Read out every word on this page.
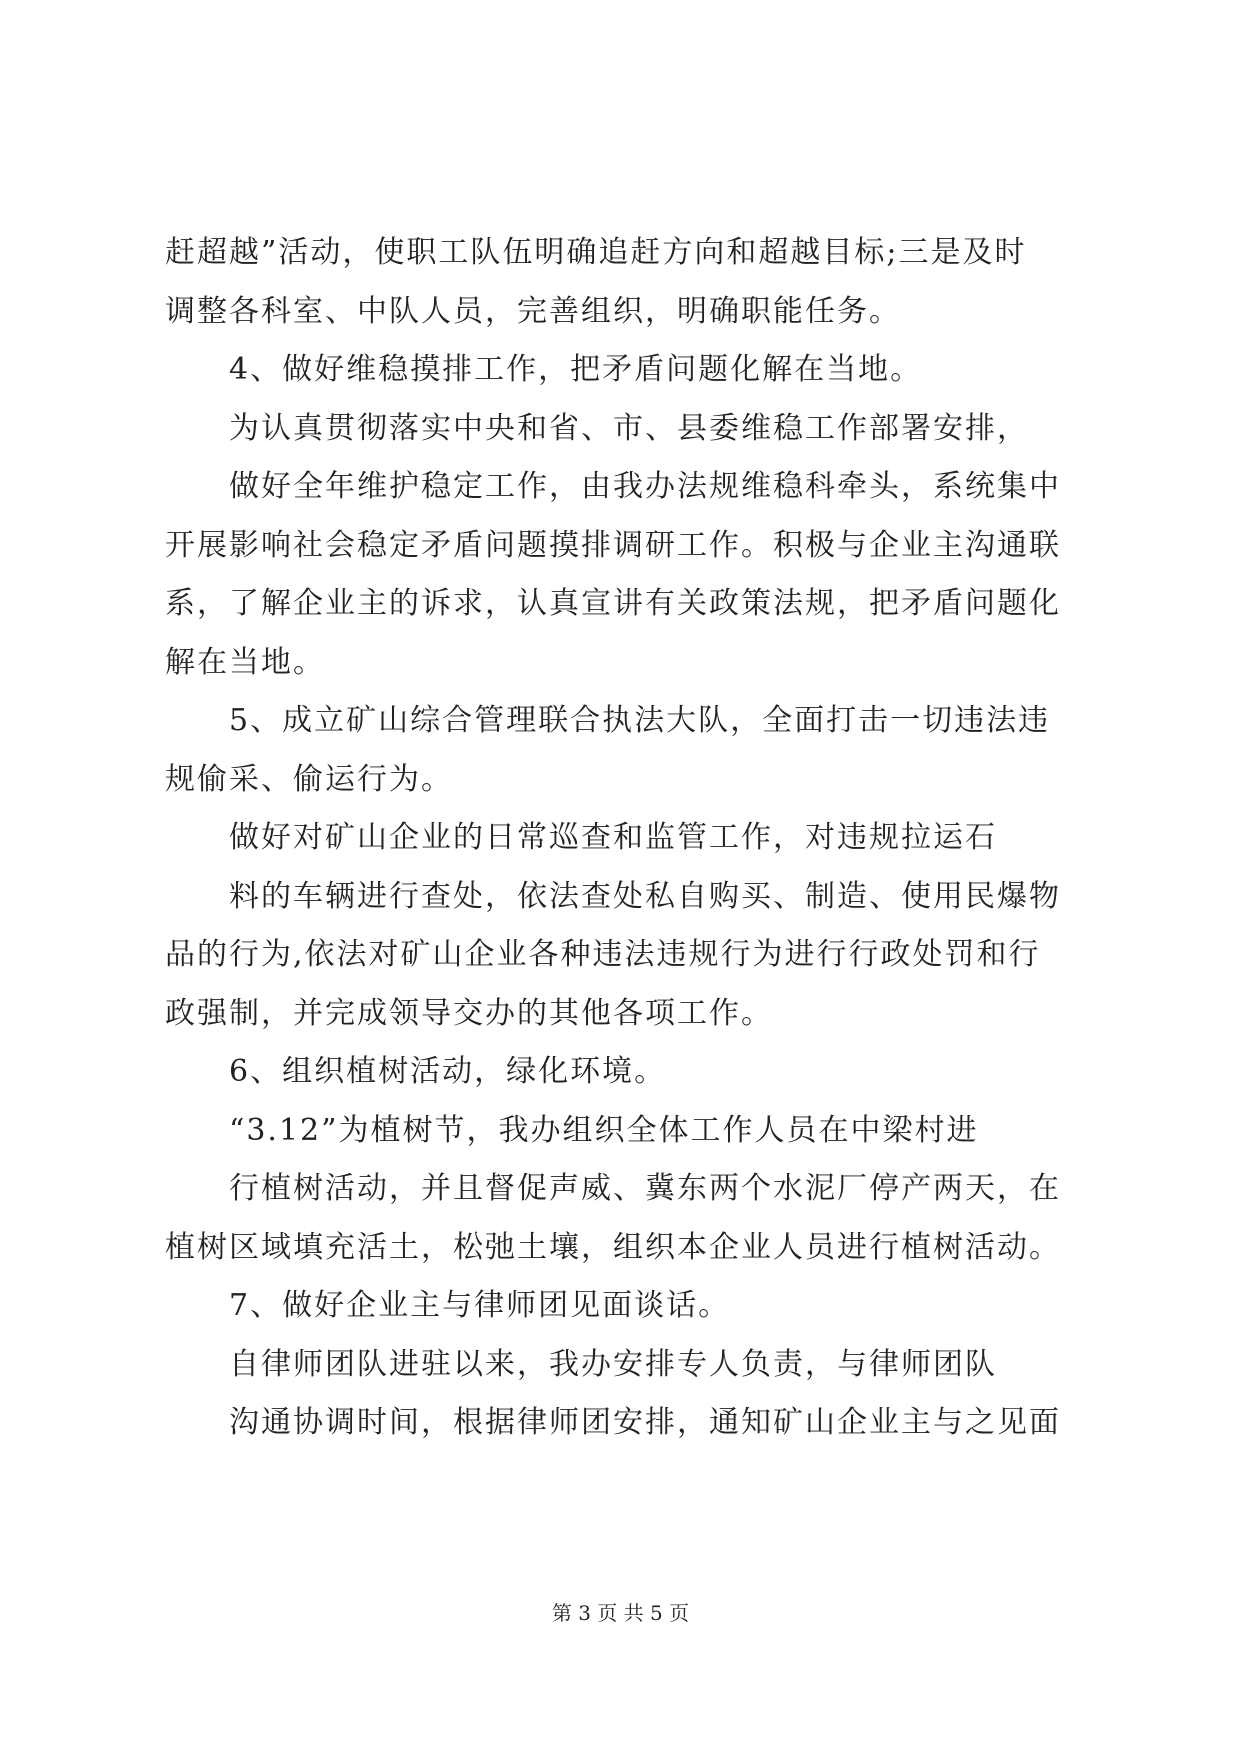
赶超越”活动，使职工队伍明确追赶方向和超越目标;三是及时
调整各科室、中队人员，完善组织，明确职能任务。
4、做好维稳摸排工作，把矛盾问题化解在当地。
为认真贯彻落实中央和省、市、县委维稳工作部署安排，
做好全年维护稳定工作，由我办法规维稳科牵头，系统集中
开展影响社会稳定矛盾问题摸排调研工作。积极与企业主沟通联
系，了解企业主的诉求，认真宣讲有关政策法规，把矛盾问题化
解在当地。
5、成立矿山综合管理联合执法大队，全面打击一切违法违
规偷采、偷运行为。
做好对矿山企业的日常巡查和监管工作，对违规拉运石
料的车辆进行查处，依法查处私自购买、制造、使用民爆物
品的行为,依法对矿山企业各种违法违规行为进行行政处罚和行
政强制，并完成领导交办的其他各项工作。
6、组织植树活动，绿化环境。
“3.12”为植树节，我办组织全体工作人员在中梁村进
行植树活动，并且督促声威、冀东两个水泥厂停产两天，在
植树区域填充活土，松弛土壤，组织本企业人员进行植树活动。
7、做好企业主与律师团见面谈话。
自律师团队进驻以来，我办安排专人负责，与律师团队
沟通协调时间，根据律师团安排，通知矿山企业主与之见面
第 3 页 共 5 页
